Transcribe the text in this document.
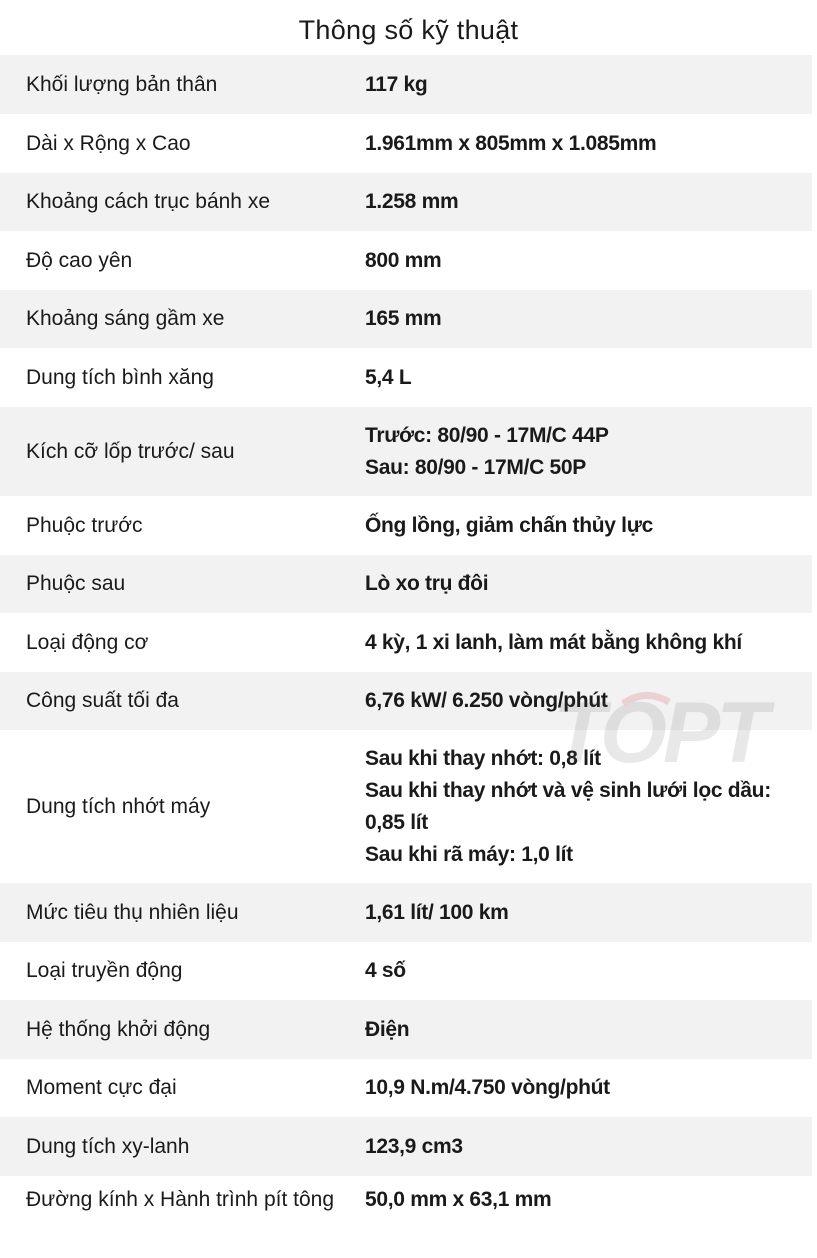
Thông số kỹ thuật
Khối lượng bản thân	117 kg

Dài x Rộng x Cao	1.961mm x 805mm x 1.085mm

Khoảng cách trục bánh xe	1.258 mm

Độ cao yên	800 mm

Khoảng sáng gầm xe	165 mm

Dung tích bình xăng	5,4 L

Kích cỡ lốp trước/ sau	Trước: 80/90 - 17M/C 44P
Sau: 80/90 - 17M/C 50P

Phuộc trước	Ống lồng, giảm chấn thủy lực

Phuộc sau	Lò xo trụ đôi

Loại động cơ	4 kỳ, 1 xi lanh, làm mát bằng không khí

Công suất tối đa	6,76 kW/ 6.250 vòng/phút

Dung tích nhớt máy	Sau khi thay nhớt: 0,8 lít
Sau khi thay nhớt và vệ sinh lưới lọc dầu:
0,85 lít
Sau khi rã máy: 1,0 lít

Mức tiêu thụ nhiên liệu	1,61 lít/ 100 km

Loại truyền động	4 số

Hệ thống khởi động	Điện

Moment cực đại	10,9 N.m/4.750 vòng/phút

Dung tích xy-lanh	123,9 cm3

Đường kính x Hành trình pít tông	50,0 mm x 63,1 mm
TOPT
